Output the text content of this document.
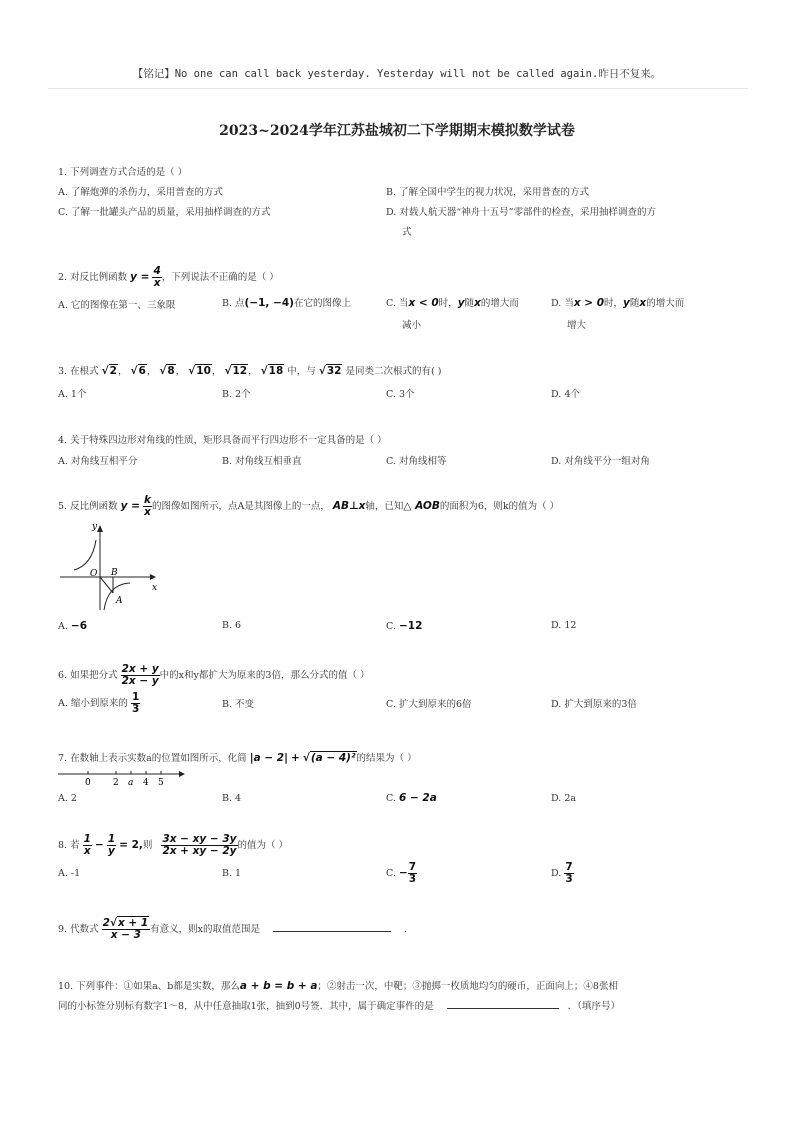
【铭记】No one can call back yesterday. Yesterday will not be called again.昨日不复来。
2023~2024学年江苏盐城初二下学期期末模拟数学试卷
1. 下列调查方式合适的是（ ）
A. 了解炮弹的杀伤力，采用普查的方式	B. 了解全国中学生的视力状况，采用普查的方式
C. 了解一批罐头产品的质量，采用抽样调查的方式	D. 对载人航天器“神舟十五号”零部件的检查，采用抽样调查的方
式
2. 对反比例函数 $y = \frac{4}{x}$ ，下列说法不正确的是（ ）
A. 它的图像在第一、三象限	B. 点(−1, −4)在它的图像上	C. 当x < 0时，y随x的增大而
减小
D. 当x > 0时，y随x的增大而
增大
3. 在根式 √2， √6， √8， √10， √12， √18 中，与 √32 是同类二次根式的有( )
A. 1个	B. 2个	C. 3个	D. 4个
4. 关于特殊四边形对角线的性质，矩形具备而平行四边形不一定具备的是（ ）
A. 对角线互相平分	B. 对角线互相垂直	C. 对角线相等	D. 对角线平分一组对角
5. 反比例函数 $y = \frac{k}{x}$ 的图像如图所示，点A是其图像上的一点， AB⊥x轴，已知△ AOB的面积为6，则k的值为（ ）
y
x
O B
A
A. −6	B. 6	C. −12	D. 12
6. 如果把分式 $\frac{2x + y}{2x - y}$ 中的x和y都扩大为原来的3倍，那么分式的值（ ）
A. 缩小到原来的 $\frac{1}{3}$	B. 不变	C. 扩大到原来的6倍	D. 扩大到原来的3倍
7. 在数轴上表示实数a的位置如图所示，化简 |a − 2| + √(a − 4)²的结果为（ ）
0 2 a 4 5
A. 2	B. 4	C. 6 − 2a	D. 2a
8. 若 $\frac{1}{x} - \frac{1}{y} = 2$,则 $\frac{3x - xy - 3y}{2x + xy - 2y}$ 的值为（ ）
A. -1	B. 1	C. − $\frac{7}{3}$	D. $\frac{7}{3}$
9. 代数式 $\frac{2√x + 1}{x - 3}$ 有意义，则x的取值范围是	.
10. 下列事件：①如果a、b都是实数，那么a + b = b + a；②射击一次，中靶；③抛掷一枚质地均匀的硬币，正面向上；④8张相
同的小标签分别标有数字1～8，从中任意抽取1张，抽到0号签．其中，属于确定事件的是	．（填序号）
